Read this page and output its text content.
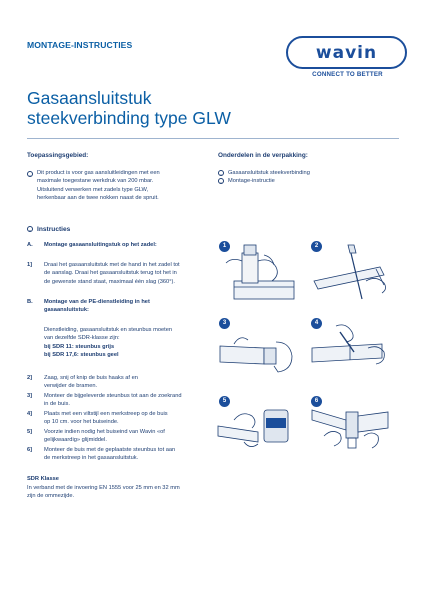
MONTAGE-INSTRUCTIES	wavin
CONNECT TO BETTER
Gasaansluitstuk
steekverbinding type GLW
Toepassingsgebied:
–	Dit product is voor gas aansluitleidingen met een
maximale toegestane werkdruk van 200 mbar.
Uitsluitend verwerken met zadels type GLW,
herkenbaar aan de twee nokken naast de spruit.
Onderdelen in de verpakking:
– Gasaansluitstuk steekverbinding
– Montage-instructie
– Instructies
A. Montage gasaansluitingstuk op het zadel:
1] Draai het gasaansluitstuk met de hand in het zadel tot
de aanslag. Draai het gasaansluitstuk terug tot het in
de gewenste stand staat, maximaal één slag (360°).
B. Montage van de PE-dienstleiding in het
gasaansluitstuk:
Dienstleiding, gasaansluitstuk en steunbus moeten
van dezelfde SDR-klasse zijn:
bij SDR 11: steunbus grijs
bij SDR 17,6: steunbus geel
2] Zaag, snij of knip de buis haaks af en
verwijder de bramen.
3] Monteer de bijgeleverde steunbus tot aan de zoekrand
in de buis.
4] Plaats met een viltstijl een merkstreep op de buis
op 10 cm. voor het buiseinde.
5] Voorzie indien nodig het buiseind van Wavin «of
gelijkwaardig» glijmiddel.
6] Monteer de buis met de geplaatste steunbus tot aan
de merkstreep in het gasaansluitstuk.
SDR Klasse
In verband met de invoering EN 1555 voor 25 mm en 32 mm
zijn de ommezijde.
1	2
3	4
5	6
